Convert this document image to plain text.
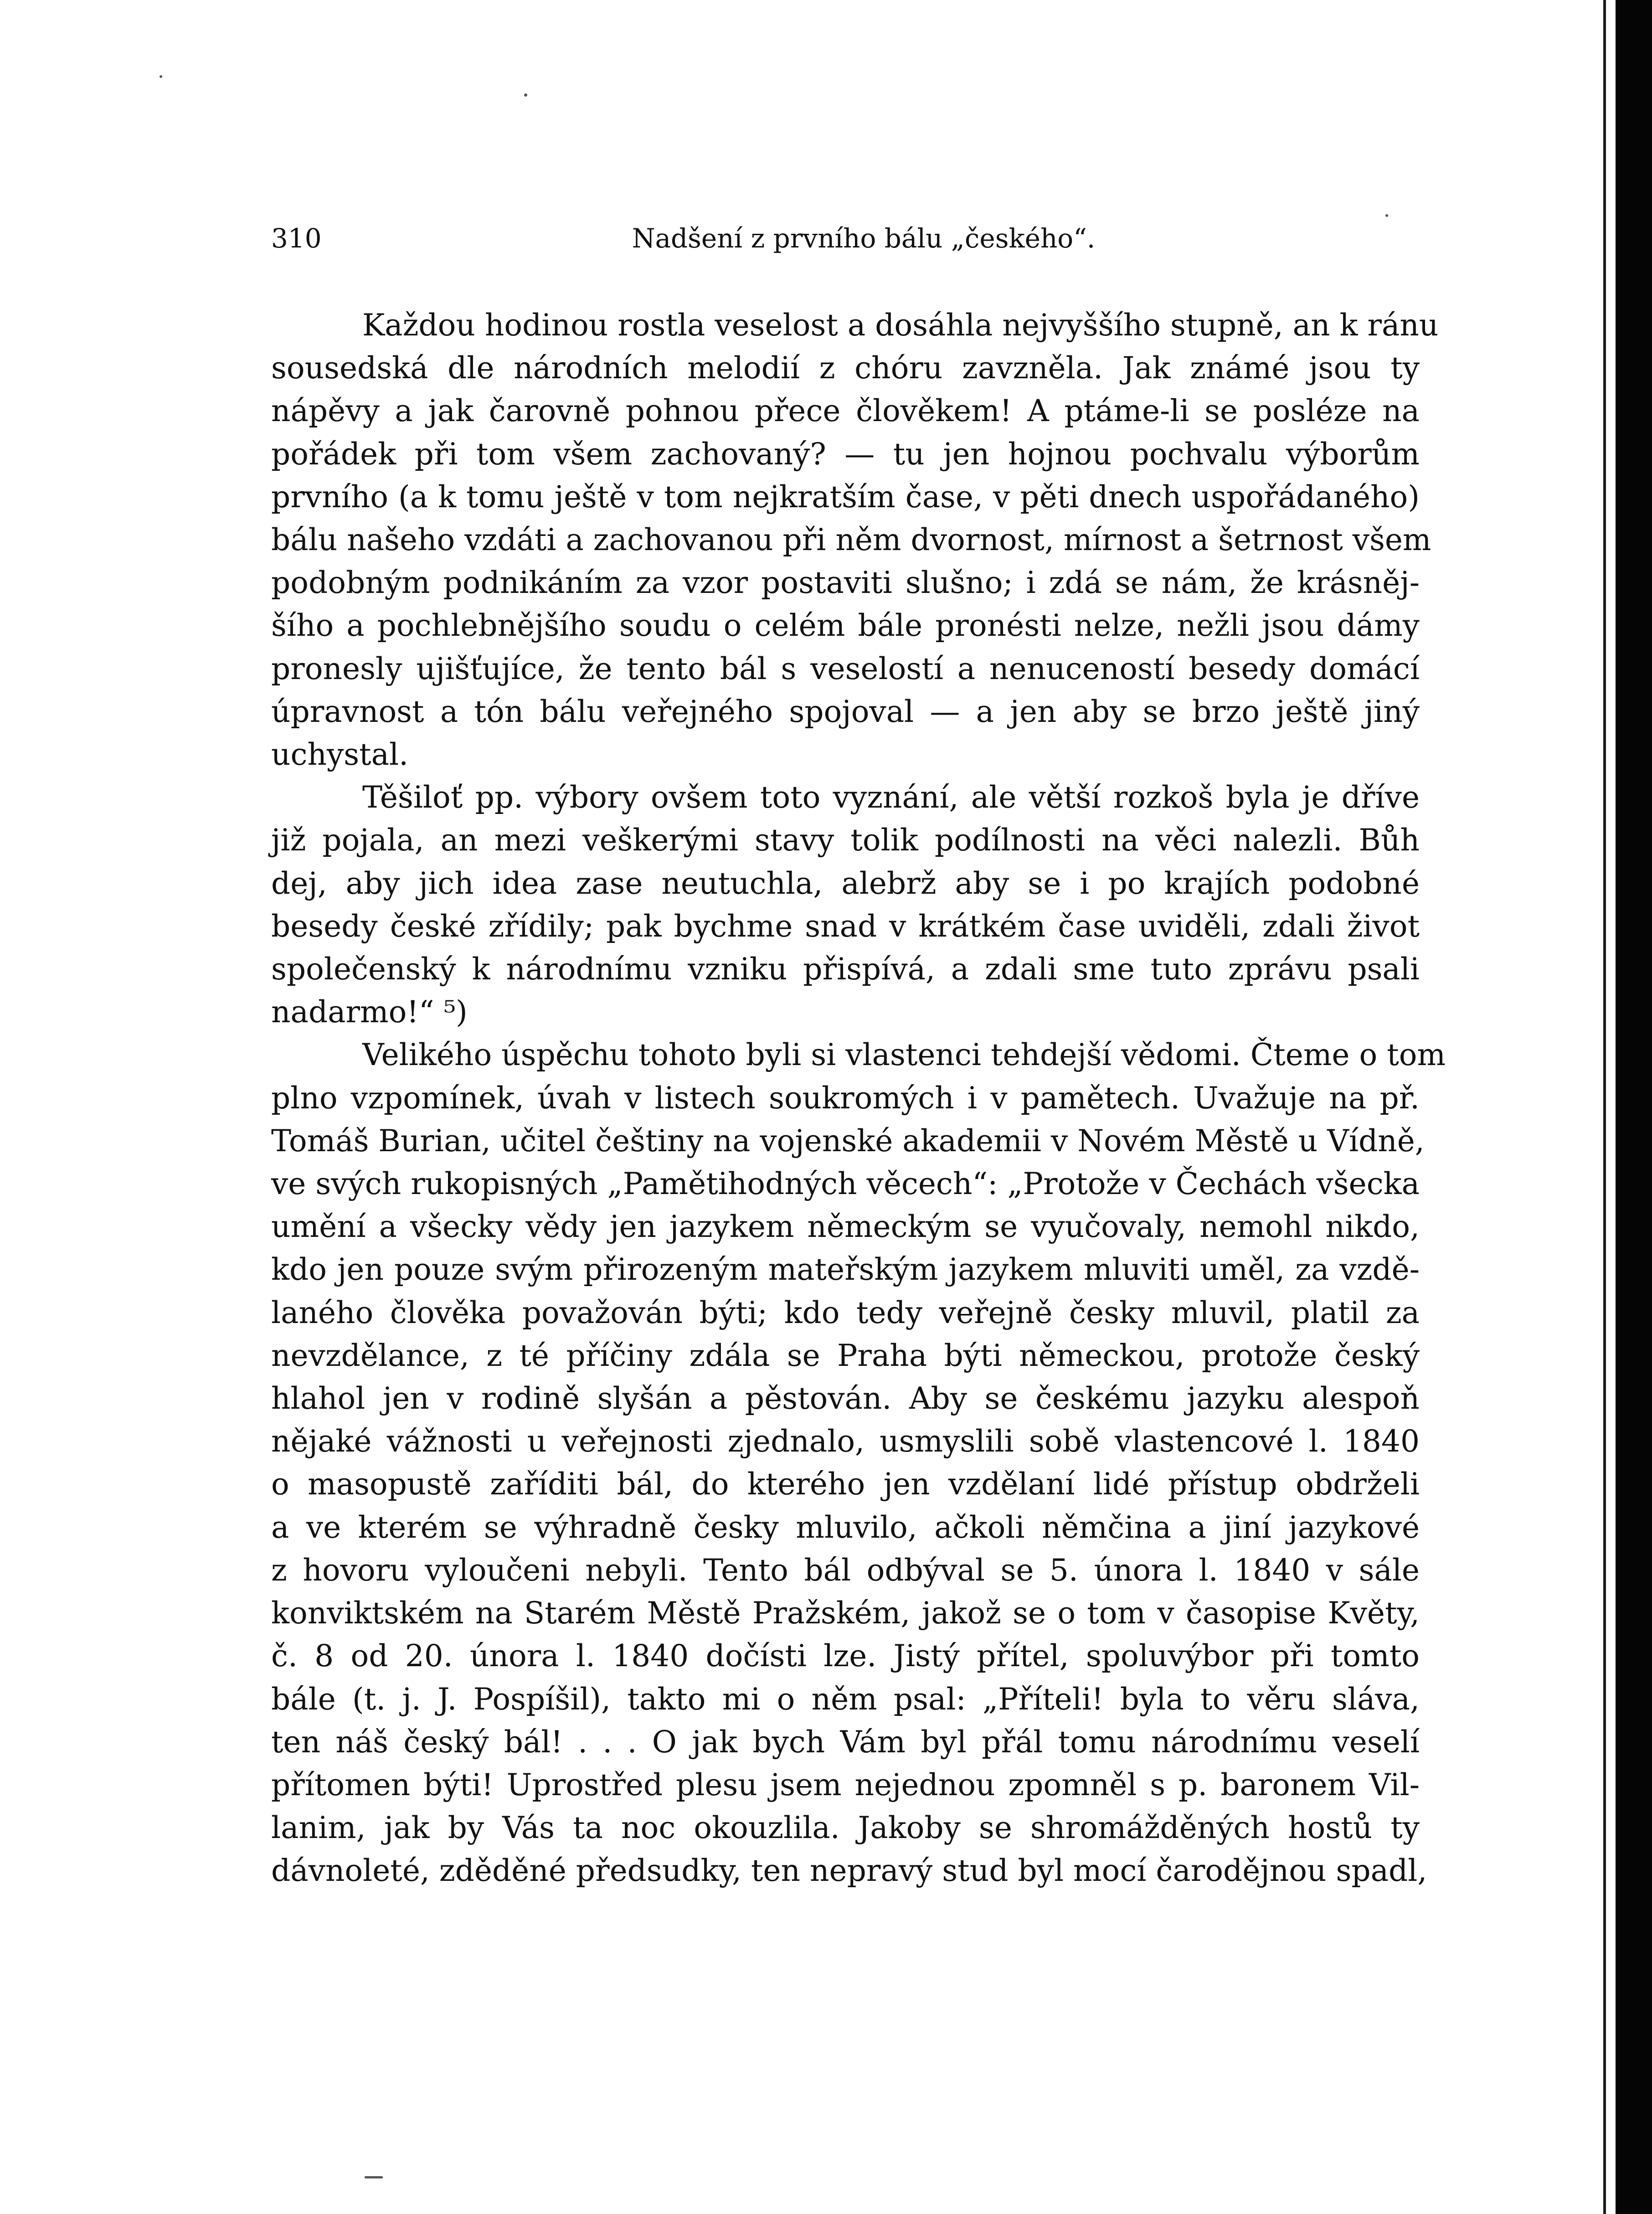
310	Nadšení z prvního bálu „českého“.
Každou hodinou rostla veselost a dosáhla nejvyššího stupně, an k ránu
sousedská dle národních melodií z chóru zavzněla. Jak známé jsou ty
nápěvy a jak čarovně pohnou přece člověkem! A ptáme-li se posléze na
pořádek při tom všem zachovaný? — tu jen hojnou pochvalu výborům
prvního (a k tomu ještě v tom nejkratším čase, v pěti dnech uspořádaného)
bálu našeho vzdáti a zachovanou při něm dvornost, mírnost a šetrnost všem
podobným podnikáním za vzor postaviti slušno; i zdá se nám, že krásněj-
šího a pochlebnějšího soudu o celém bále pronésti nelze, nežli jsou dámy
pronesly ujišťujíce, že tento bál s veselostí a nenuceností besedy domácí
úpravnost a tón bálu veřejného spojoval — a jen aby se brzo ještě jiný
uchystal.
Těšiloť pp. výbory ovšem toto vyznání, ale větší rozkoš byla je dříve
již pojala, an mezi veškerými stavy tolik podílnosti na věci nalezli. Bůh
dej, aby jich idea zase neutuchla, alebrž aby se i po krajích podobné
besedy české zřídily; pak bychme snad v krátkém čase uviděli, zdali život
společenský k národnímu vzniku přispívá, a zdali sme tuto zprávu psali
nadarmo!“ ⁵)
Velikého úspěchu tohoto byli si vlastenci tehdejší vědomi. Čteme o tom
plno vzpomínek, úvah v listech soukromých i v pamětech. Uvažuje na př.
Tomáš Burian, učitel češtiny na vojenské akademii v Novém Městě u Vídně,
ve svých rukopisných „Pamětihodných věcech“: „Protože v Čechách všecka
umění a všecky vědy jen jazykem německým se vyučovaly, nemohl nikdo,
kdo jen pouze svým přirozeným mateřským jazykem mluviti uměl, za vzdě-
laného člověka považován býti; kdo tedy veřejně česky mluvil, platil za
nevzdělance, z té příčiny zdála se Praha býti německou, protože český
hlahol jen v rodině slyšán a pěstován. Aby se českému jazyku alespoň
nějaké vážnosti u veřejnosti zjednalo, usmyslili sobě vlastencové l. 1840
o masopustě zaříditi bál, do kterého jen vzdělaní lidé přístup obdrželi
a ve kterém se výhradně česky mluvilo, ačkoli němčina a jiní jazykové
z hovoru vyloučeni nebyli. Tento bál odbýval se 5. února l. 1840 v sále
konviktském na Starém Městě Pražském, jakož se o tom v časopise Květy,
č. 8 od 20. února l. 1840 dočísti lze. Jistý přítel, spoluvýbor při tomto
bále (t. j. J. Pospíšil), takto mi o něm psal: „Příteli! byla to věru sláva,
ten náš český bál! . . . O jak bych Vám byl přál tomu národnímu veselí
přítomen býti! Uprostřed plesu jsem nejednou zpomněl s p. baronem Vil-
lanim, jak by Vás ta noc okouzlila. Jakoby se shromážděných hostů ty
dávnoleté, zděděné předsudky, ten nepravý stud byl mocí čarodějnou spadl,
